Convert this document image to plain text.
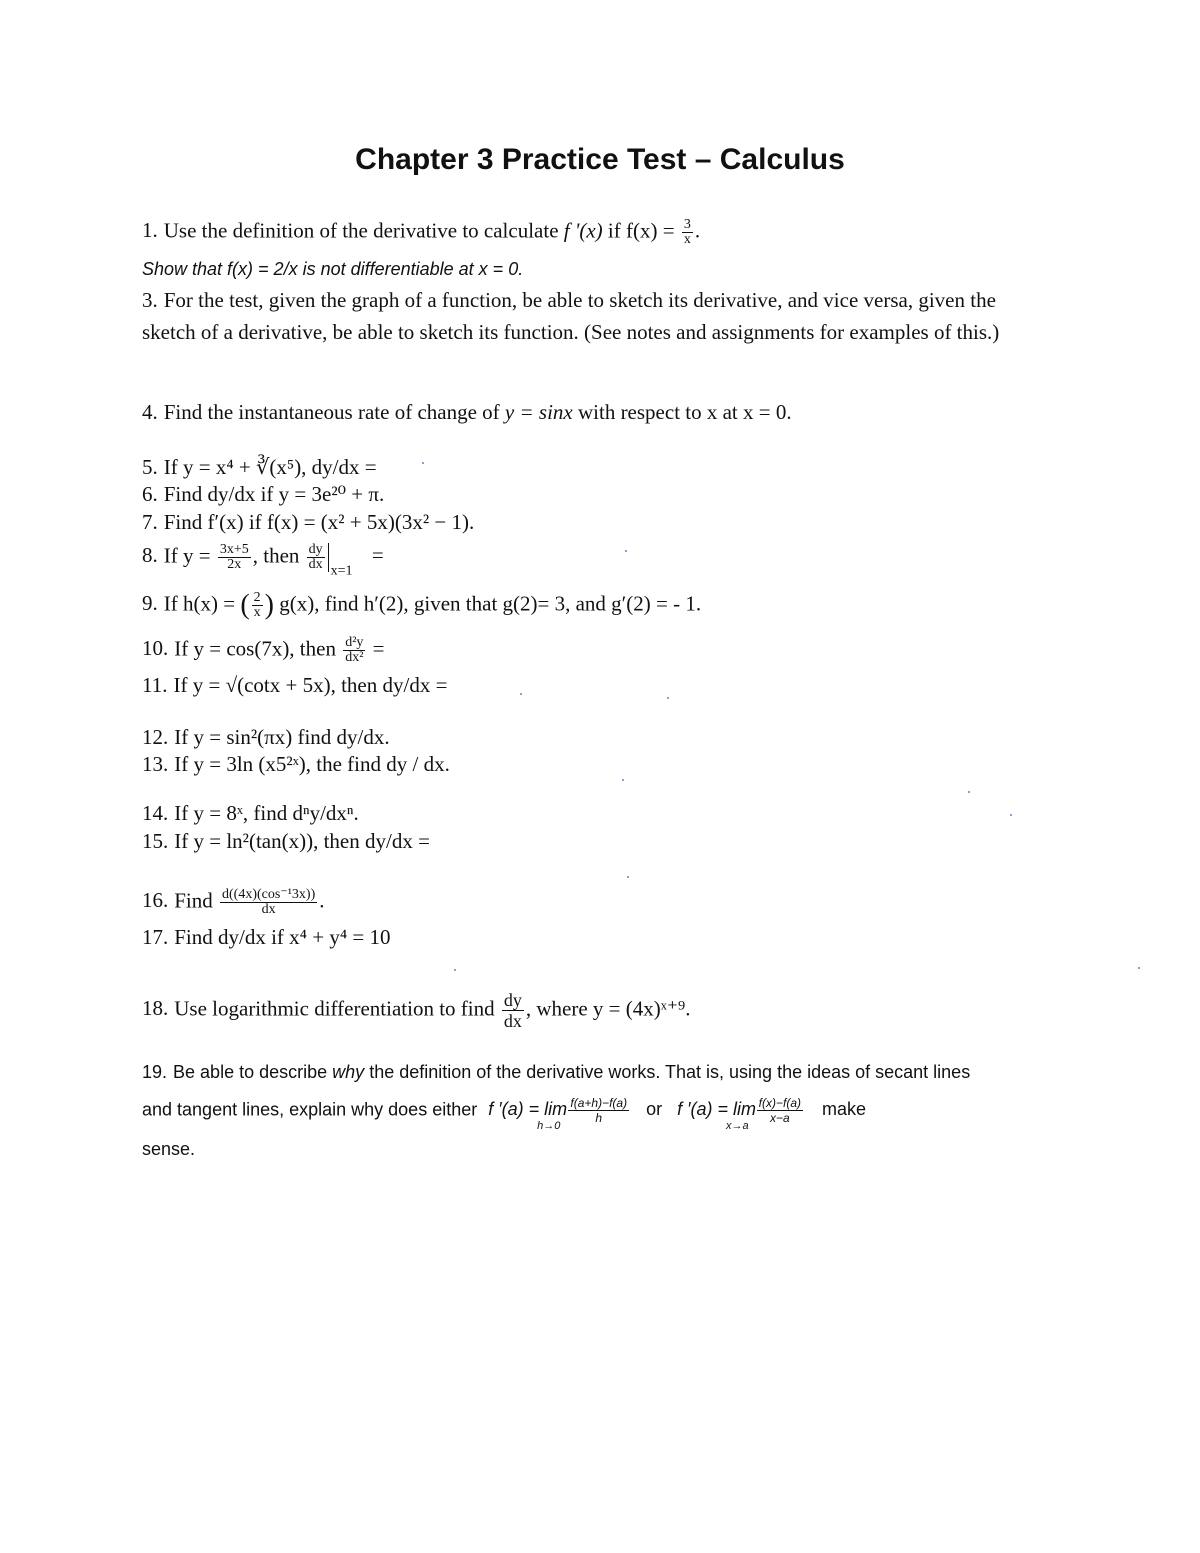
Chapter 3 Practice Test – Calculus
1. Use the definition of the derivative to calculate f '(x) if $f(x) = \frac{3}{x}$ .
Show that f(x) = 2/x is not differentiable at x = 0.
3. For the test, given the graph of a function, be able to sketch its derivative, and vice versa, given the sketch of a derivative, be able to sketch its function. (See notes and assignments for examples of this.)
4. Find the instantaneous rate of change of y = sinx with respect to x at x = 0.
5. If y = x⁴ + ∛(x⁵), dy/dx =
6. Find dy/dx if y = 3e²⁰ + π.
7. Find f′(x) if f(x) = (x² + 5x)(3x² − 1).
8. If $y = \frac{3x+5}{2x}$ , then $\frac{dy}{dx} _{x=1}$ =
9. If h(x) = ( $\frac{2}{x}$ ) g(x), find h′(2), given that g(2)= 3, and g′(2) = - 1.
10. If y = cos(7x), then $\frac{\text{d²y}}{\text{dx²}}$ =
11. If y = √(cotx + 5x), then dy/dx =
12. If y = sin²(πx) find dy/dx.
13. If y = 3ln (x5²ˣ), the find dy / dx.
14. If y = 8ˣ, find dⁿy/dxⁿ.
15. If y = ln²(tan(x)), then dy/dx =
16. Find $\frac{\text{d((4x)(cos⁻¹3x))}}{dx}$ .
17. Find dy/dx if x⁴ + y⁴ = 10
18. Use logarithmic differentiation to find $\frac{dy}{dx}$ , where y = (4x)ˣ⁺⁹.
19. Be able to describe why the definition of the derivative works. That is, using the ideas of secant lines
and tangent lines, explain why does either f $'(a) = \lim_{h\to 0}$
$\frac{f(a+h)-f(a)}{h}$ or f $'(a) = \lim_{x\to a}$
$\frac{f(x)-f(a)}{x-a}$ make
sense.
